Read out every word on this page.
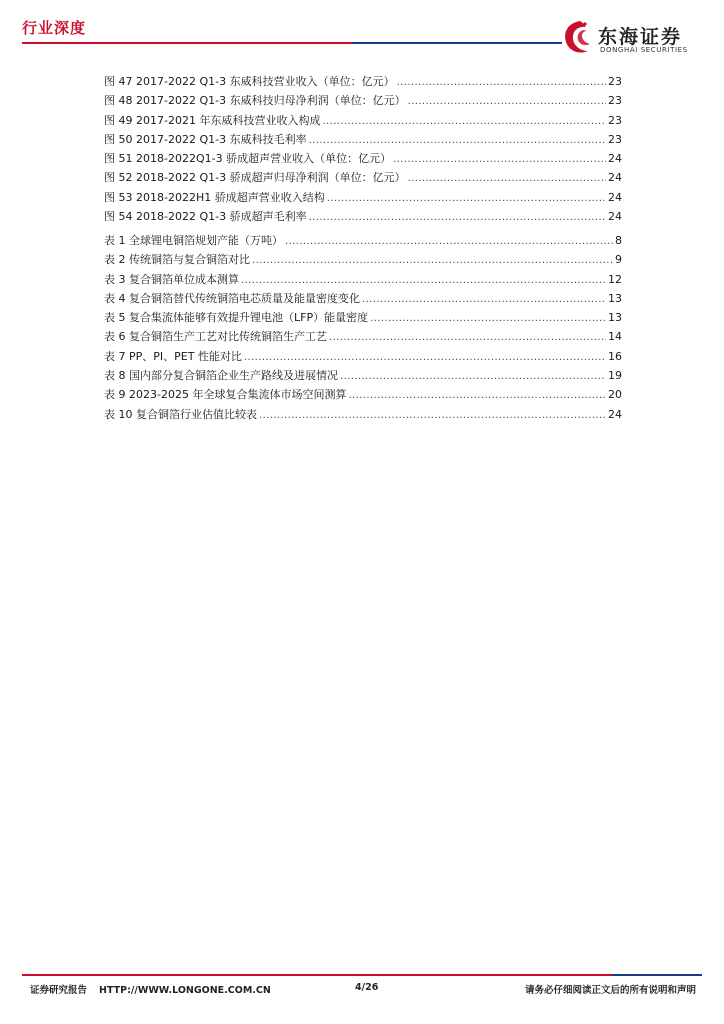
行业深度	东海证券
DONGHAI SECURITIES
图 47 2017-2022 Q1-3 东威科技营业收入（单位：亿元） .....	23
图 48 2017-2022 Q1-3 东威科技归母净利润（单位：亿元） .....	23
图 49 2017-2021 年东威科技营业收入构成 .....	23
图 50 2017-2022 Q1-3 东威科技毛利率 .....	23
图 51 2018-2022Q1-3 骄成超声营业收入（单位：亿元） .....	24
图 52 2018-2022 Q1-3 骄成超声归母净利润（单位：亿元） .....	24
图 53 2018-2022H1 骄成超声营业收入结构 .....	24
图 54 2018-2022 Q1-3 骄成超声毛利率 .....	24
表 1 全球锂电铜箔规划产能（万吨） .....	8
表 2 传统铜箔与复合铜箔对比 .....	9
表 3 复合铜箔单位成本测算 .....	12
表 4 复合铜箔替代传统铜箔电芯质量及能量密度变化 .....	13
表 5 复合集流体能够有效提升锂电池（LFP）能量密度 .....	13
表 6 复合铜箔生产工艺对比传统铜箔生产工艺 .....	14
表 7 PP、PI、PET 性能对比 .....	16
表 8 国内部分复合铜箔企业生产路线及进展情况 .....	19
表 9 2023-2025 年全球复合集流体市场空间测算 .....	20
表 10 复合铜箔行业估值比较表 .....	24
证券研究报告 HTTP://WWW.LONGONE.COM.CN	4/26	请务必仔细阅读正文后的所有说明和声明
